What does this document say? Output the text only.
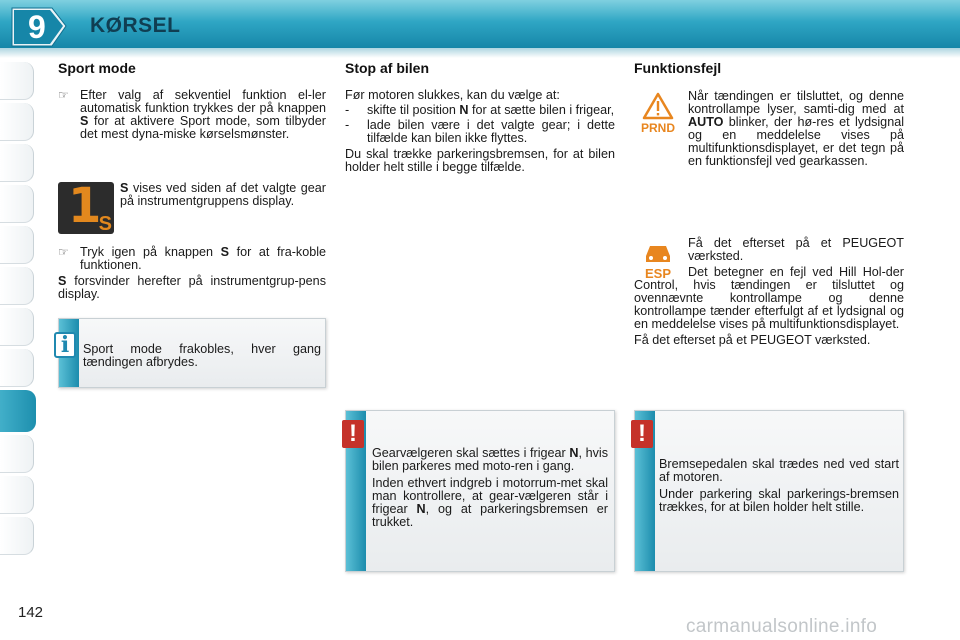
9 KØRSEL
Sport mode
☞ Efter valg af sekventiel funktion el-ler automatisk funktion trykkes der på knappen S for at aktivere Sport mode, som tilbyder det mest dyna-miske kørselsmønster.
1
S
S vises ved siden af det valgte gear på instrumentgruppens display.
☞ Tryk igen på knappen S for at fra-koble funktionen.
S forsvinder herefter på instrumentgrup-pens display.
Sport mode frakobles, hver gang tændingen afbrydes.
i
Stop af bilen
Før motoren slukkes, kan du vælge at:
-	skifte til position N for at sætte bilen i frigear,
-	lade bilen være i det valgte gear; i dette tilfælde kan bilen ikke flyttes.
Du skal trække parkeringsbremsen, for at bilen holder helt stille i begge tilfælde.
Gearvælgeren skal sættes i frigear N, hvis bilen parkeres med moto-ren i gang.
Inden ethvert indgreb i motorrum-met skal man kontrollere, at gear-vælgeren står i frigear N, og at parkeringsbremsen er trukket.
!
Funktionsfejl
PRND
Når tændingen er tilsluttet, og denne kontrollampe lyser, samti-dig med at AUTO blinker, der hø-res et lydsignal og en meddelelse vises på multifunktionsdisplayet, er det tegn på en funktionsfejl ved gearkassen.
ESP
Få det efterset på et PEUGEOT værksted.
Det betegner en fejl ved Hill Hol-der Control, hvis tændingen er tilsluttet og ovennævnte kontrollampe og denne kontrollampe tænder efterfulgt af et lydsignal og en meddelelse vises på multifunktionsdisplayet.
Få det efterset på et PEUGEOT værksted.
Bremsepedalen skal trædes ned ved start af motoren.
Under parkering skal parkerings-bremsen trækkes, for at bilen holder helt stille.
!
142
carmanualsonline.info
